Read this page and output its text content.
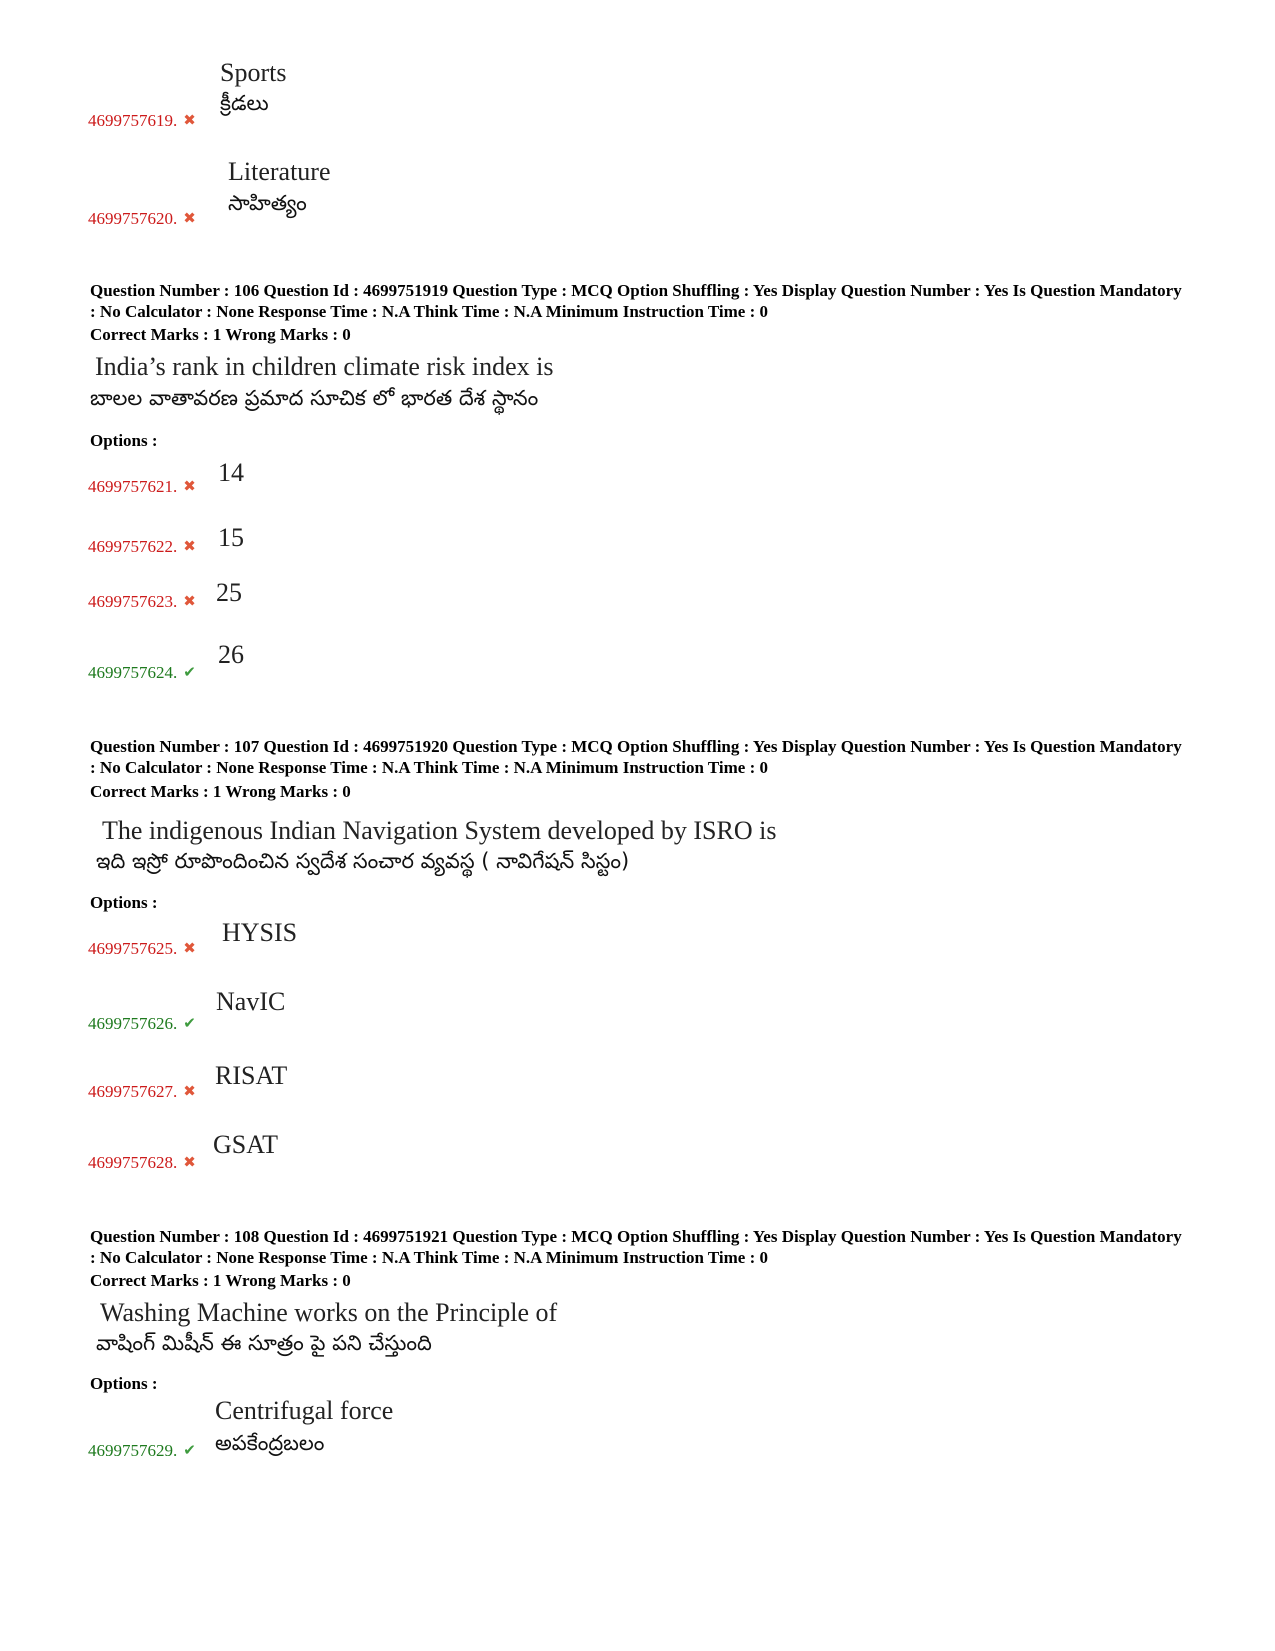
Sports
క్రీడలు
4699757619. ✖
Literature
సాహిత్యం
4699757620. ✖
Question Number : 106 Question Id : 4699751919 Question Type : MCQ Option Shuffling : Yes Display Question Number : Yes Is Question Mandatory : No Calculator : None Response Time : N.A Think Time : N.A Minimum Instruction Time : 0
Correct Marks : 1 Wrong Marks : 0
India’s rank in children climate risk index is
బాలల వాతావరణ ప్రమాద సూచిక లో భారత దేశ స్థానం
Options :
14
4699757621. ✖
15
4699757622. ✖
25
4699757623. ✖
26
4699757624. ✔
Question Number : 107 Question Id : 4699751920 Question Type : MCQ Option Shuffling : Yes Display Question Number : Yes Is Question Mandatory : No Calculator : None Response Time : N.A Think Time : N.A Minimum Instruction Time : 0
Correct Marks : 1 Wrong Marks : 0
The indigenous Indian Navigation System developed by ISRO is
ఇది ఇస్రో రూపొందించిన స్వదేశ సంచార వ్యవస్థ ( నావిగేషన్ సిస్టం)
Options :
HYSIS
4699757625. ✖
NavIC
4699757626. ✔
RISAT
4699757627. ✖
GSAT
4699757628. ✖
Question Number : 108 Question Id : 4699751921 Question Type : MCQ Option Shuffling : Yes Display Question Number : Yes Is Question Mandatory : No Calculator : None Response Time : N.A Think Time : N.A Minimum Instruction Time : 0
Correct Marks : 1 Wrong Marks : 0
Washing Machine works on the Principle of
వాషింగ్ మిషీన్ ఈ సూత్రం పై పని చేస్తుంది
Options :
Centrifugal force
అపకేంద్రబలం
4699757629. ✔
